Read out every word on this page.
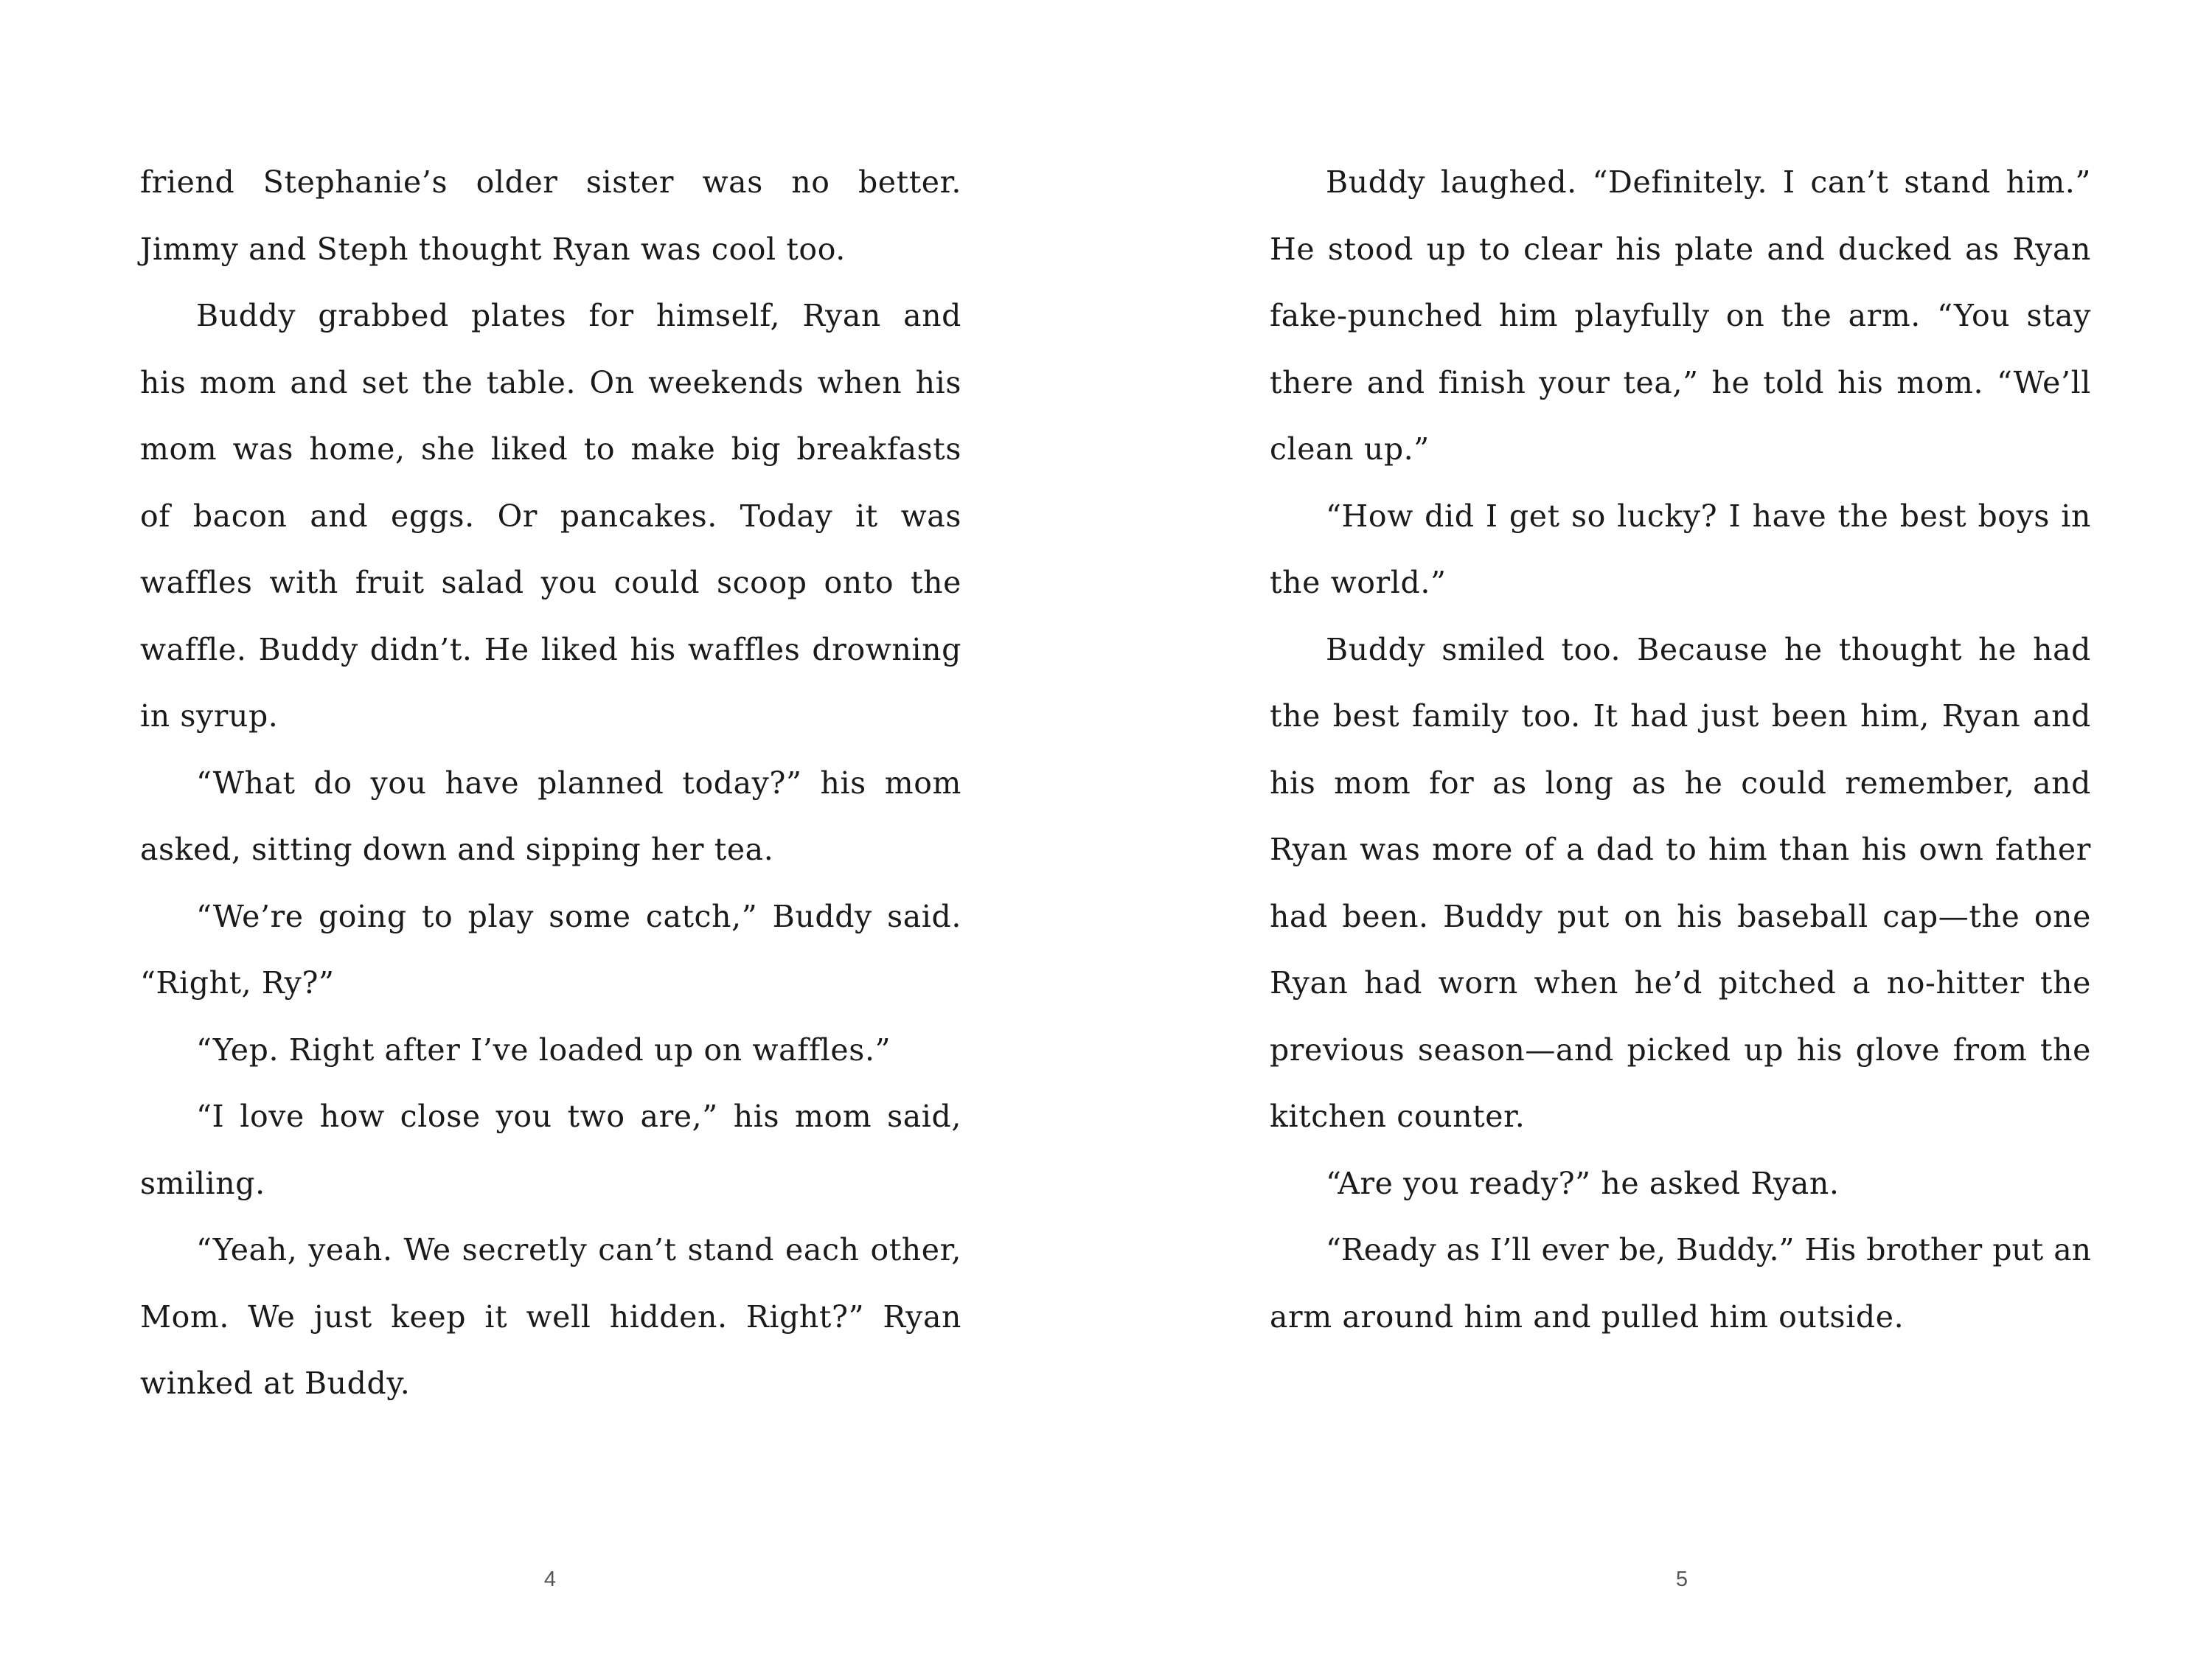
friend Stephanie’s older sister was no better.
Jimmy and Steph thought Ryan was cool too.
Buddy grabbed plates for himself, Ryan and
his mom and set the table. On weekends when his
mom was home, she liked to make big breakfasts
of bacon and eggs. Or pancakes. Today it was
waffles with fruit salad you could scoop onto the
waffle. Buddy didn’t. He liked his waffles drowning
in syrup.
“What do you have planned today?” his mom
asked, sitting down and sipping her tea.
“We’re going to play some catch,” Buddy said.
“Right, Ry?”
“Yep. Right after I’ve loaded up on waffles.”
“I love how close you two are,” his mom said,
smiling.
“Yeah, yeah. We secretly can’t stand each other,
Mom. We just keep it well hidden. Right?” Ryan
winked at Buddy.
4
Buddy laughed. “Definitely. I can’t stand him.”
He stood up to clear his plate and ducked as Ryan
fake-punched him playfully on the arm. “You stay
there and finish your tea,” he told his mom. “We’ll
clean up.”
“How did I get so lucky? I have the best boys in
the world.”
Buddy smiled too. Because he thought he had
the best family too. It had just been him, Ryan and
his mom for as long as he could remember, and
Ryan was more of a dad to him than his own father
had been. Buddy put on his baseball cap—the one
Ryan had worn when he’d pitched a no-hitter the
previous season—and picked up his glove from the
kitchen counter.
“Are you ready?” he asked Ryan.
“Ready as I’ll ever be, Buddy.” His brother put an
arm around him and pulled him outside.
5
